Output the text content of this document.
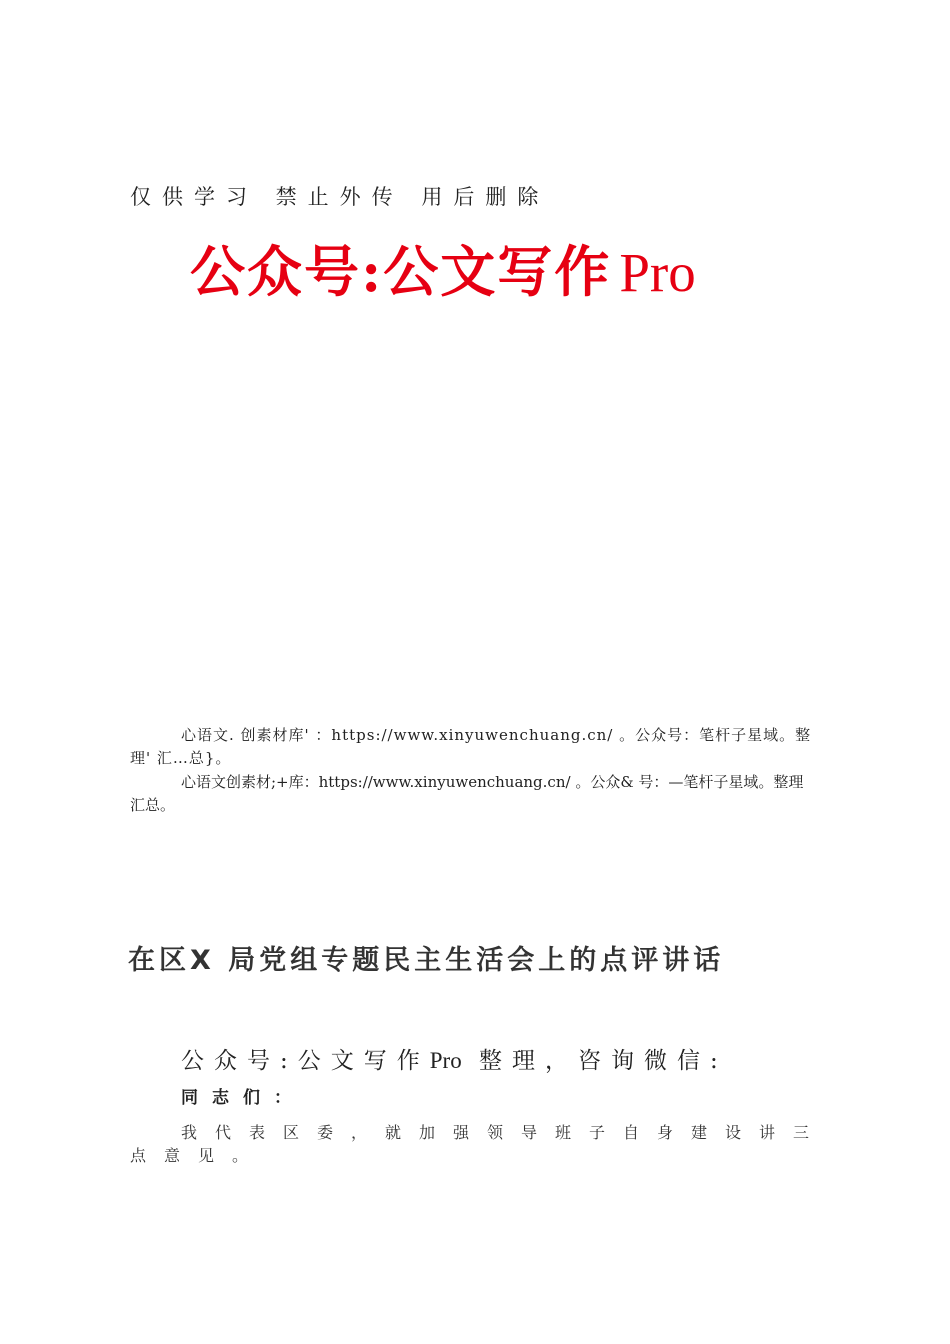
仅供学习 禁止外传 用后删除
公众号:公文写作 Pro
心语文. 创素材库' ：https://www.xinyuwenchuang.cn/ 。公众号：笔杆子星域。整
理' 汇…总}。
心语文创素材;+库：https://www.xinyuwenchuang.cn/ 。公众& 号：—笔杆子星域。整理
汇总。
在区X 局党组专题民主生活会上的点评讲话
公众号:公文写作Pro 整理，咨询微信:
同志们：
我代表区委，就加强领导班子自身建设讲三
点意见。
